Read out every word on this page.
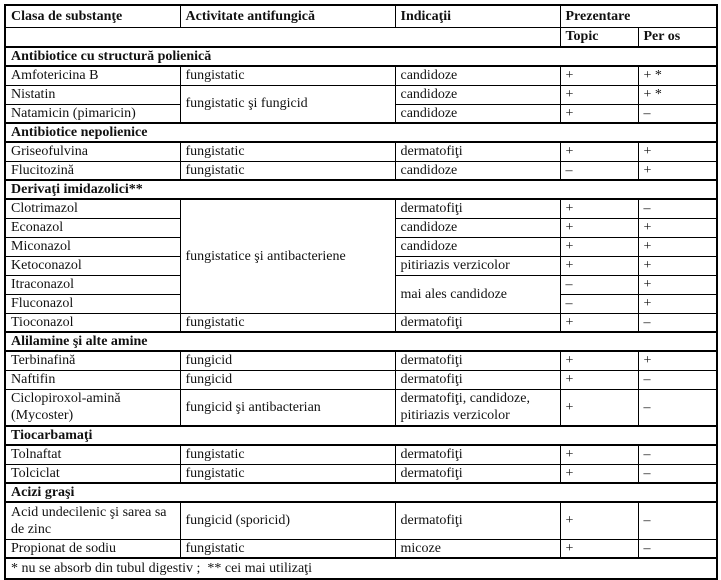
Clasa de substanţe	Activitate antifungică	Indicaţii	Prezentare	
			Topic	Per os
Antibiotice cu structură polienică				
Amfotericina B	fungistatic	candidoze	+	+ *
Nistatin	fungistatic şi fungicid	candidoze	+	+ *
Natamicin (pimaricin)		candidoze	+	–
Antibiotice nepolienice				
Griseofulvina	fungistatic	dermatofiţi	+	+
Flucitozină	fungistatic	candidoze	–	+
Derivaţi imidazolici**				
Clotrimazol	fungistatice şi antibacteriene	dermatofiţi	+	–
Econazol		candidoze	+	+
Miconazol		candidoze	+	+
Ketoconazol		pitiriazis verzicolor	+	+
Itraconazol		mai ales candidoze	–	+
Fluconazol			–	+
Tioconazol	fungistatic	dermatofiţi	+	–
Alilamine şi alte amine				
Terbinafină	fungicid	dermatofiţi	+	+
Naftifin	fungicid	dermatofiţi	+	–
Ciclopiroxol-amină (Mycoster)	fungicid şi antibacterian	dermatofiţi, candidoze, pitiriazis verzicolor	+	–
Tiocarbamaţi				
Tolnaftat	fungistatic	dermatofiţi	+	–
Tolciclat	fungistatic	dermatofiţi	+	–
Acizi graşi				
Acid undecilenic şi sarea sa de zinc	fungicid (sporicid)	dermatofiţi	+	–
Propionat de sodiu	fungistatic	micoze	+	–
* nu se absorb din tubul digestiv ;  ** cei mai utilizaţi				
